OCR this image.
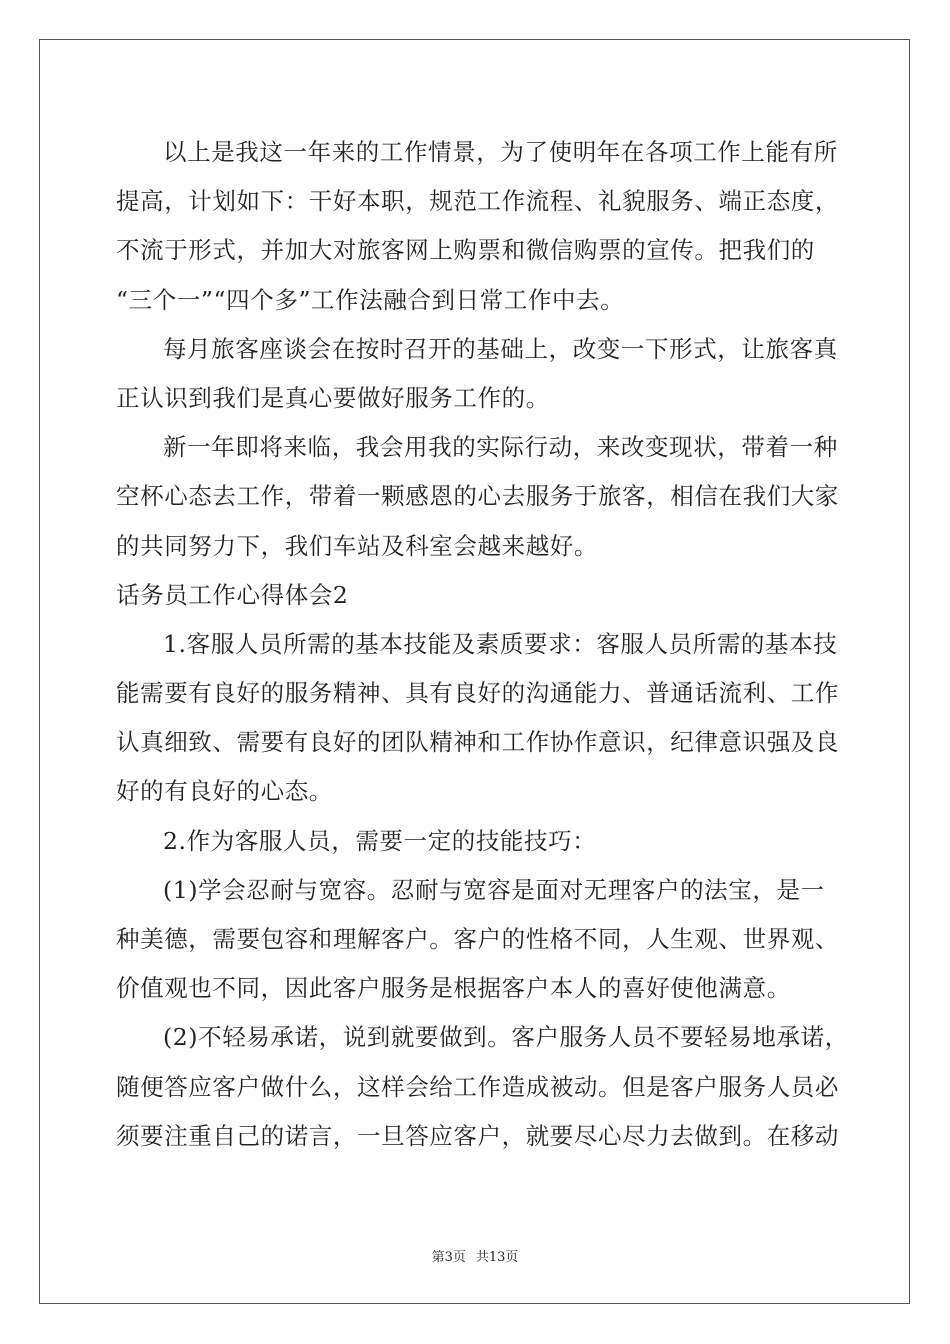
以上是我这一年来的工作情景，为了使明年在各项工作上能有所
提高，计划如下：干好本职，规范工作流程、礼貌服务、端正态度，
不流于形式，并加大对旅客网上购票和微信购票的宣传。把我们的
“三个一”“四个多”工作法融合到日常工作中去。
每月旅客座谈会在按时召开的基础上，改变一下形式，让旅客真
正认识到我们是真心要做好服务工作的。
新一年即将来临，我会用我的实际行动，来改变现状，带着一种
空杯心态去工作，带着一颗感恩的心去服务于旅客，相信在我们大家
的共同努力下，我们车站及科室会越来越好。
话务员工作心得体会2
1.客服人员所需的基本技能及素质要求：客服人员所需的基本技
能需要有良好的服务精神、具有良好的沟通能力、普通话流利、工作
认真细致、需要有良好的团队精神和工作协作意识，纪律意识强及良
好的有良好的心态。
2.作为客服人员，需要一定的技能技巧：
(1)学会忍耐与宽容。忍耐与宽容是面对无理客户的法宝，是一
种美德，需要包容和理解客户。客户的性格不同，人生观、世界观、
价值观也不同，因此客户服务是根据客户本人的喜好使他满意。
(2)不轻易承诺，说到就要做到。客户服务人员不要轻易地承诺，
随便答应客户做什么，这样会给工作造成被动。但是客户服务人员必
须要注重自己的诺言，一旦答应客户，就要尽心尽力去做到。在移动
第3页 共13页
